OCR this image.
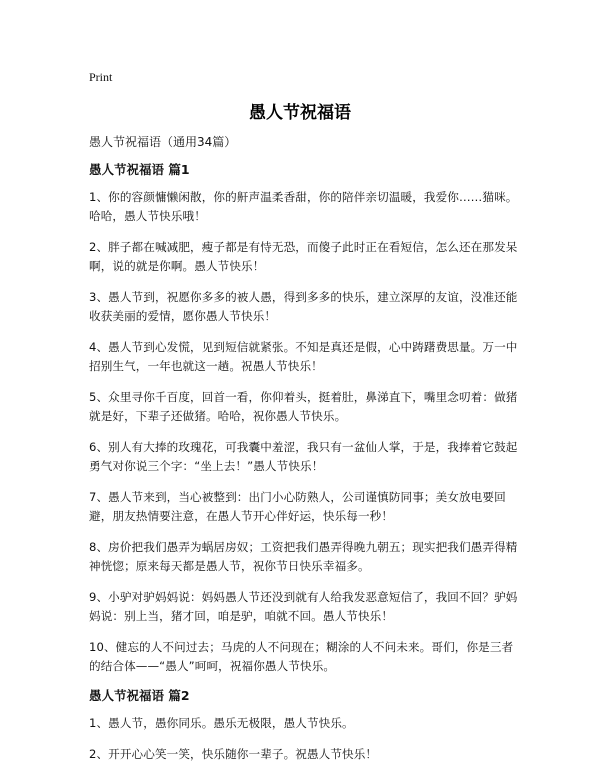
Print
愚人节祝福语

愚人节祝福语（通用34篇）

愚人节祝福语 篇1

1、你的容颜慵懒闲散，你的鼾声温柔香甜，你的陪伴亲切温暖，我爱你……猫咪。哈哈，愚人节快乐哦！

2、胖子都在喊减肥，瘦子都是有恃无恐，而傻子此时正在看短信，怎么还在那发呆啊，说的就是你啊。愚人节快乐！

3、愚人节到，祝愿你多多的被人愚，得到多多的快乐，建立深厚的友谊，没准还能收获美丽的爱情，愿你愚人节快乐！

4、愚人节到心发慌，见到短信就紧张。不知是真还是假，心中踌躇费思量。万一中招别生气，一年也就这一趟。祝愚人节快乐！

5、众里寻你千百度，回首一看，你仰着头，挺着肚，鼻涕直下，嘴里念叨着：做猪就是好，下辈子还做猪。哈哈，祝你愚人节快乐。

6、别人有大捧的玫瑰花，可我囊中羞涩，我只有一盆仙人掌，于是，我捧着它鼓起勇气对你说三个字：“坐上去！”愚人节快乐！

7、愚人节来到，当心被整到：出门小心防熟人，公司谨慎防同事；美女放电要回避，朋友热情要注意，在愚人节开心伴好运，快乐每一秒！

8、房价把我们愚弄为蜗居房奴；工资把我们愚弄得晚九朝五；现实把我们愚弄得精神恍惚；原来每天都是愚人节，祝你节日快乐幸福多。

9、小驴对驴妈妈说：妈妈愚人节还没到就有人给我发恶意短信了，我回不回？驴妈妈说：别上当，猪才回，咱是驴，咱就不回。愚人节快乐！

10、健忘的人不问过去；马虎的人不问现在；糊涂的人不问未来。哥们，你是三者的结合体——“愚人”呵呵，祝福你愚人节快乐。

愚人节祝福语 篇2

1、愚人节，愚你同乐。愚乐无极限，愚人节快乐。

2、开开心心笑一笑，快乐随你一辈子。祝愚人节快乐！
